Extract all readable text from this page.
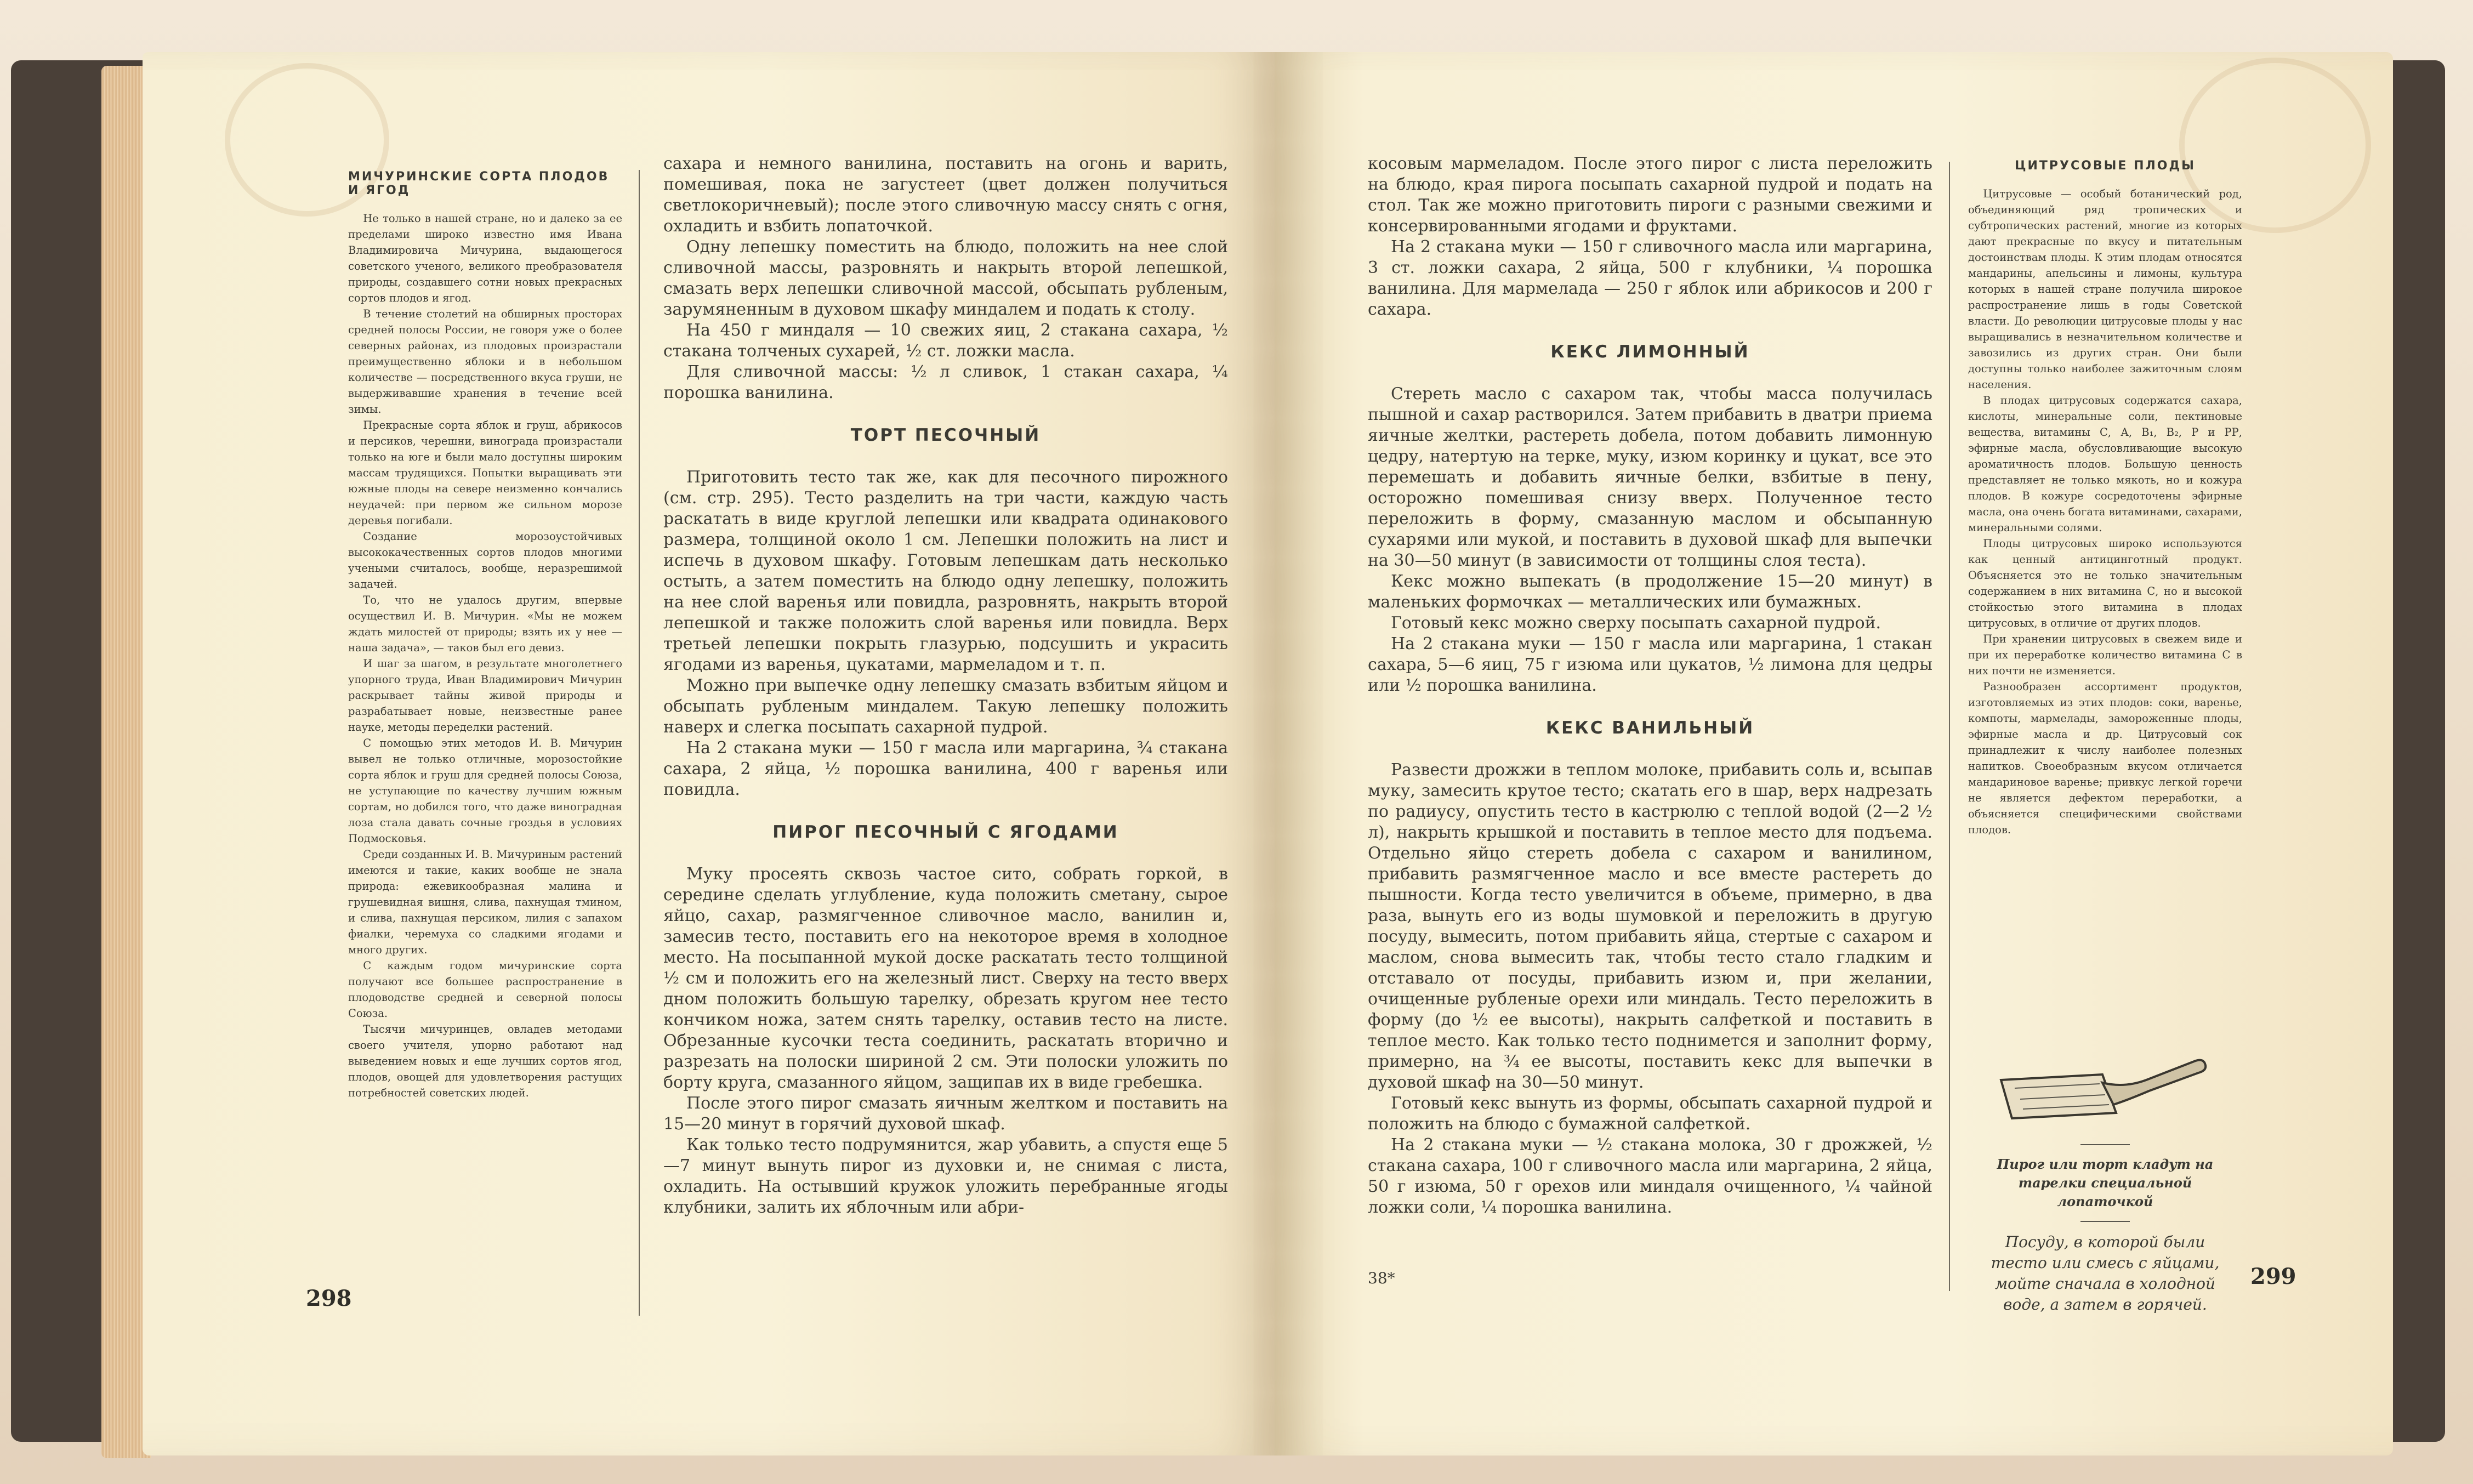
МИЧУРИНСКИЕ СОРТА ПЛОДОВ И ЯГОД

Не только в нашей стране, но и далеко за ее пределами широко известно имя Ивана Владимировича Мичурина, выдающегося советского ученого, великого преобразователя природы, создавшего сотни новых прекрасных сортов плодов и ягод.

В течение столетий на обширных просторах средней полосы России, не говоря уже о более северных районах, из плодовых произрастали преимущественно яблоки и в небольшом количестве — посредственного вкуса груши, не выдерживавшие хранения в течение всей зимы.

Прекрасные сорта яблок и груш, абрикосов и персиков, черешни, винограда произрастали только на юге и были мало доступны широким массам трудящихся. Попытки выращивать эти южные плоды на севере неизменно кончались неудачей: при первом же сильном морозе деревья погибали.

Создание морозоустойчивых высококачественных сортов плодов многими учеными считалось, вообще, неразрешимой задачей.

То, что не удалось другим, впервые осуществил И. В. Мичурин. «Мы не можем ждать милостей от природы; взять их у нее — наша задача», — таков был его девиз.

И шаг за шагом, в результате многолетнего упорного труда, Иван Владимирович Мичурин раскрывает тайны живой природы и разрабатывает новые, неизвестные ранее науке, методы переделки растений.

С помощью этих методов И. В. Мичурин вывел не только отличные, морозостойкие сорта яблок и груш для средней полосы Союза, не уступающие по качеству лучшим южным сортам, но добился того, что даже виноградная лоза стала давать сочные гроздья в условиях Подмосковья.

Среди созданных И. В. Мичуриным растений имеются и такие, каких вообще не знала природа: ежевикообразная малина и грушевидная вишня, слива, пахнущая тмином, и слива, пахнущая персиком, лилия с запахом фиалки, черемуха со сладкими ягодами и много других.

С каждым годом мичуринские сорта получают все большее распространение в плодоводстве средней и северной полосы Союза.

Тысячи мичуринцев, овладев методами своего учителя, упорно работают над выведением новых и еще лучших сортов ягод, плодов, овощей для удовлетворения растущих потребностей советских людей.

сахара и немного ванилина, поставить на огонь и варить, помешивая, пока не загустеет (цвет должен получиться светлокоричневый); после этого сливочную массу снять с огня, охладить и взбить лопаточкой.

Одну лепешку поместить на блюдо, положить на нее слой сливочной массы, разровнять и накрыть второй лепешкой, смазать верх лепешки сливочной массой, обсыпать рубленым, зарумяненным в духовом шкафу миндалем и подать к столу.

На 450 г миндаля — 10 свежих яиц, 2 стакана сахара, ½ стакана толченых сухарей, ½ ст. ложки масла.

Для сливочной массы: ½ л сливок, 1 стакан сахара, ¼ порошка ванилина.

ТОРТ ПЕСОЧНЫЙ

Приготовить тесто так же, как для песочного пирожного (см. стр. 295). Тесто разделить на три части, каждую часть раскатать в виде круглой лепешки или квадрата одинакового размера, толщиной около 1 см. Лепешки положить на лист и испечь в духовом шкафу. Готовым лепешкам дать несколько остыть, а затем поместить на блюдо одну лепешку, положить на нее слой варенья или повидла, разровнять, накрыть второй лепешкой и также положить слой варенья или повидла. Верх третьей лепешки покрыть глазурью, подсушить и украсить ягодами из варенья, цукатами, мармеладом и т. п.

Можно при выпечке одну лепешку смазать взбитым яйцом и обсыпать рубленым миндалем. Такую лепешку положить наверх и слегка посыпать сахарной пудрой.

На 2 стакана муки — 150 г масла или маргарина, ¾ стакана сахара, 2 яйца, ½ порошка ванилина, 400 г варенья или повидла.

ПИРОГ ПЕСОЧНЫЙ С ЯГОДАМИ

Муку просеять сквозь частое сито, собрать горкой, в середине сделать углубление, куда положить сметану, сырое яйцо, сахар, размягченное сливочное масло, ванилин и, замесив тесто, поставить его на некоторое время в холодное место. На посыпанной мукой доске раскатать тесто толщиной ½ см и положить его на железный лист. Сверху на тесто вверх дном положить большую тарелку, обрезать кругом нее тесто кончиком ножа, затем снять тарелку, оставив тесто на листе. Обрезанные кусочки теста соединить, раскатать вторично и разрезать на полоски шириной 2 см. Эти полоски уложить по борту круга, смазанного яйцом, защипав их в виде гребешка.

После этого пирог смазать яичным желтком и поставить на 15—20 минут в горячий духовой шкаф.

Как только тесто подрумянится, жар убавить, а спустя еще 5—7 минут вынуть пирог из духовки и, не снимая с листа, охладить. На остывший кружок уложить перебранные ягоды клубники, залить их яблочным или абри-

298

косовым мармеладом. После этого пирог с листа переложить на блюдо, края пирога посыпать сахарной пудрой и подать на стол. Так же можно приготовить пироги с разными свежими и консервированными ягодами и фруктами.

На 2 стакана муки — 150 г сливочного масла или маргарина, 3 ст. ложки сахара, 2 яйца, 500 г клубники, ¼ порошка ванилина. Для мармелада — 250 г яблок или абрикосов и 200 г сахара.

КЕКС ЛИМОННЫЙ

Стереть масло с сахаром так, чтобы масса получилась пышной и сахар растворился. Затем прибавить в дватри приема яичные желтки, растереть добела, потом добавить лимонную цедру, натертую на терке, муку, изюм коринку и цукат, все это перемешать и добавить яичные белки, взбитые в пену, осторожно помешивая снизу вверх. Полученное тесто переложить в форму, смазанную маслом и обсыпанную сухарями или мукой, и поставить в духовой шкаф для выпечки на 30—50 минут (в зависимости от толщины слоя теста).

Кекс можно выпекать (в продолжение 15—20 минут) в маленьких формочках — металлических или бумажных.

Готовый кекс можно сверху посыпать сахарной пудрой.

На 2 стакана муки — 150 г масла или маргарина, 1 стакан сахара, 5—6 яиц, 75 г изюма или цукатов, ½ лимона для цедры или ½ порошка ванилина.

КЕКС ВАНИЛЬНЫЙ

Развести дрожжи в теплом молоке, прибавить соль и, всыпав муку, замесить крутое тесто; скатать его в шар, верх надрезать по радиусу, опустить тесто в кастрюлю с теплой водой (2—2 ½ л), накрыть крышкой и поставить в теплое место для подъема. Отдельно яйцо стереть добела с сахаром и ванилином, прибавить размягченное масло и все вместе растереть до пышности. Когда тесто увеличится в объеме, примерно, в два раза, вынуть его из воды шумовкой и переложить в другую посуду, вымесить, потом прибавить яйца, стертые с сахаром и маслом, снова вымесить так, чтобы тесто стало гладким и отставало от посуды, прибавить изюм и, при желании, очищенные рубленые орехи или миндаль. Тесто переложить в форму (до ½ ее высоты), накрыть салфеткой и поставить в теплое место. Как только тесто поднимется и заполнит форму, примерно, на ¾ ее высоты, поставить кекс для выпечки в духовой шкаф на 30—50 минут.

Готовый кекс вынуть из формы, обсыпать сахарной пудрой и положить на блюдо с бумажной салфеткой.

На 2 стакана муки — ½ стакана молока, 30 г дрожжей, ½ стакана сахара, 100 г сливочного масла или маргарина, 2 яйца, 50 г изюма, 50 г орехов или миндаля очищенного, ¼ чайной ложки соли, ¼ порошка ванилина.

ЦИТРУСОВЫЕ ПЛОДЫ

Цитрусовые — особый ботанический род, объединяющий ряд тропических и субтропических растений, многие из которых дают прекрасные по вкусу и питательным достоинствам плоды. К этим плодам относятся мандарины, апельсины и лимоны, культура которых в нашей стране получила широкое распространение лишь в годы Советской власти. До революции цитрусовые плоды у нас выращивались в незначительном количестве и завозились из других стран. Они были доступны только наиболее зажиточным слоям населения.

В плодах цитрусовых содержатся сахара, кислоты, минеральные соли, пектиновые вещества, витамины С, А, В₁, В₂, Р и РР, эфирные масла, обусловливающие высокую ароматичность плодов. Большую ценность представляет не только мякоть, но и кожура плодов. В кожуре сосредоточены эфирные масла, она очень богата витаминами, сахарами, минеральными солями.

Плоды цитрусовых широко используются как ценный антицинготный продукт. Объясняется это не только значительным содержанием в них витамина С, но и высокой стойкостью этого витамина в плодах цитрусовых, в отличие от других плодов.

При хранении цитрусовых в свежем виде и при их переработке количество витамина С в них почти не изменяется.

Разнообразен ассортимент продуктов, изготовляемых из этих плодов: соки, варенье, компоты, мармелады, замороженные плоды, эфирные масла и др. Цитрусовый сок принадлежит к числу наиболее полезных напитков. Своеобразным вкусом отличается мандариновое варенье; привкус легкой горечи не является дефектом переработки, а объясняется специфическими свойствами плодов.

Пирог или торт кладут на тарелки специальной лопаточкой
Посуду, в которой были тесто или смесь с яйцами, мойте сначала в холодной воде, а затем в горячей.
38*	299
